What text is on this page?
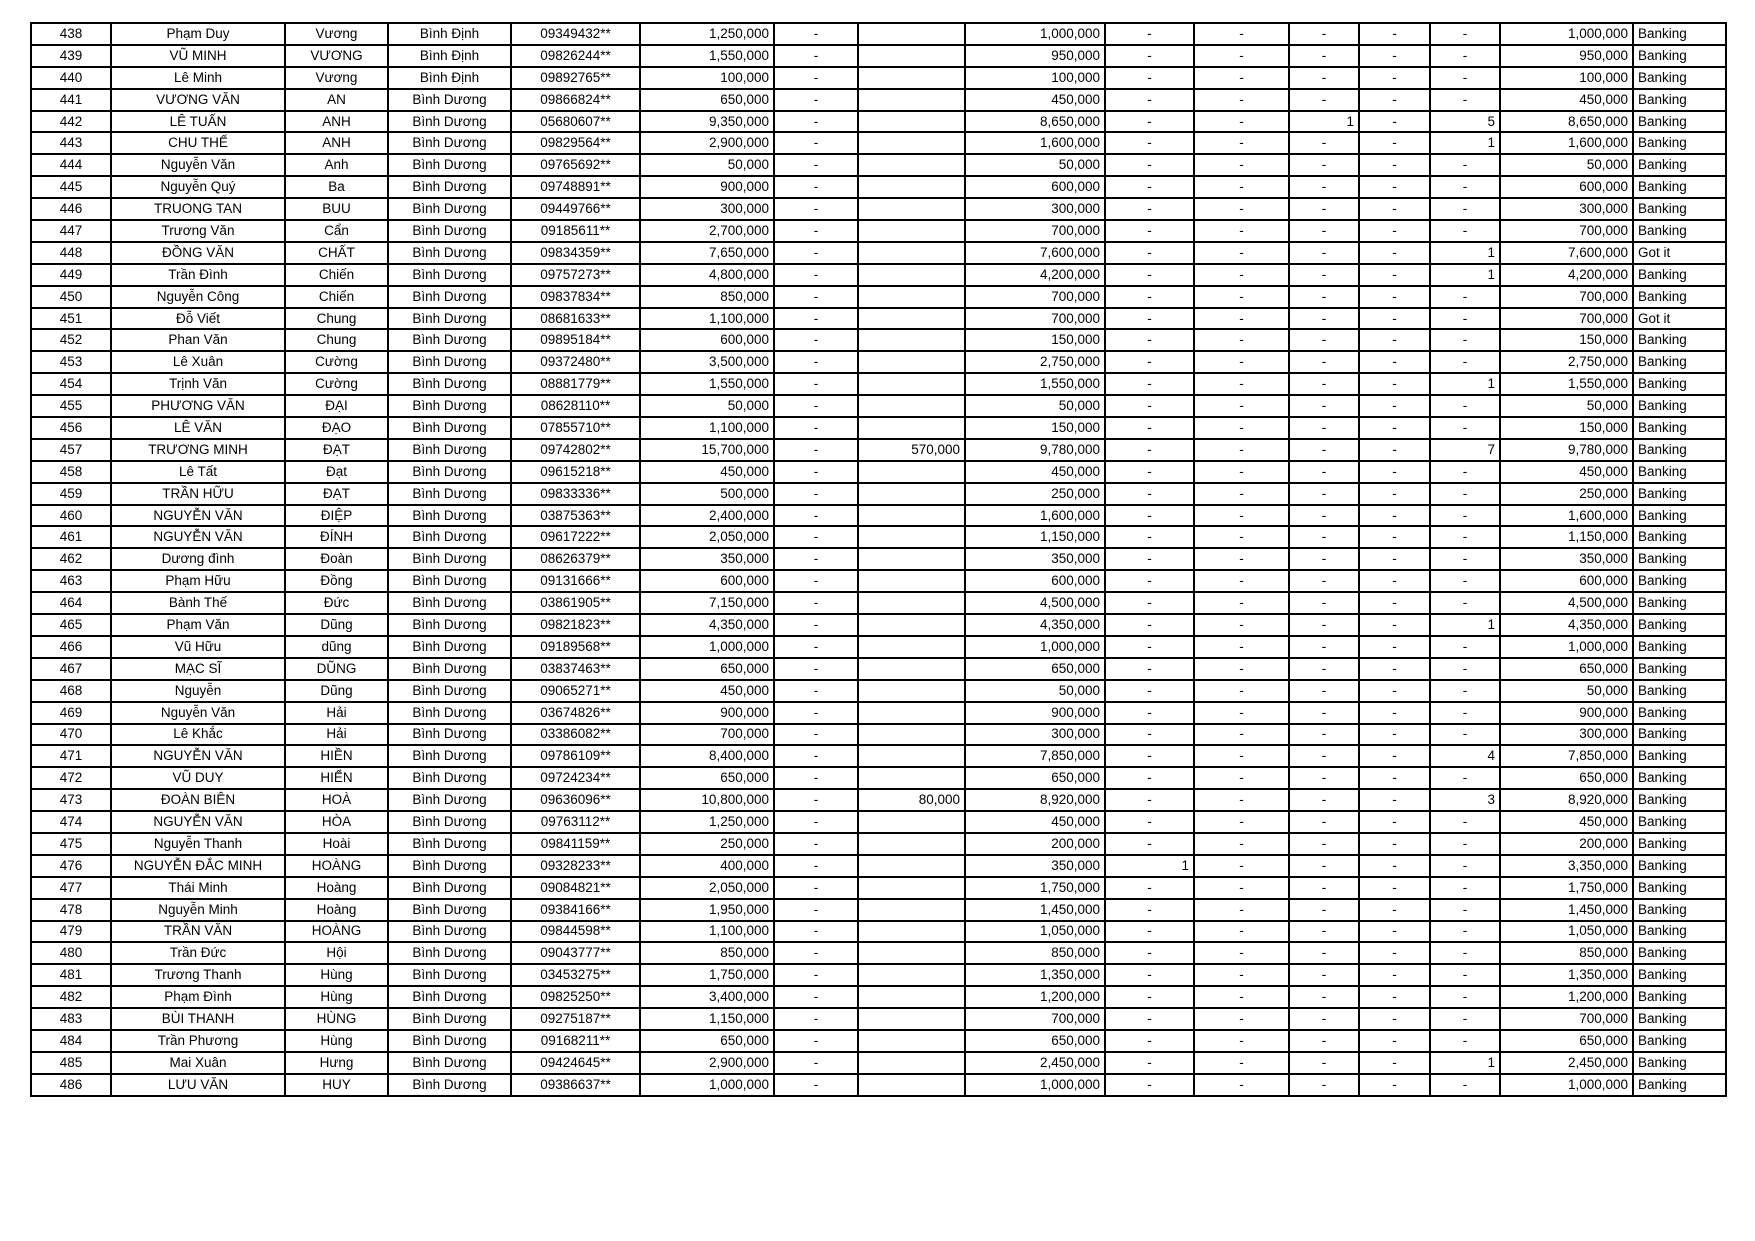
438	Phạm Duy	Vương	Bình Định	09349432**	1,250,000	-		1,000,000	-	-	-	-	-	1,000,000	Banking
439	VŨ MINH	VƯƠNG	Bình Định	09826244**	1,550,000	-		950,000	-	-	-	-	-	950,000	Banking
440	Lê Minh	Vương	Bình Định	09892765**	100,000	-		100,000	-	-	-	-	-	100,000	Banking
441	VƯƠNG VĂN	AN	Bình Dương	09866824**	650,000	-		450,000	-	-	-	-	-	450,000	Banking
442	LÊ TUẤN	ANH	Bình Dương	05680607**	9,350,000	-		8,650,000	-	-	1	-	5	8,650,000	Banking
443	CHU THẾ	ANH	Bình Dương	09829564**	2,900,000	-		1,600,000	-	-	-	-	1	1,600,000	Banking
444	Nguyễn Văn	Anh	Bình Dương	09765692**	50,000	-		50,000	-	-	-	-	-	50,000	Banking
445	Nguyễn Quý	Ba	Bình Dương	09748891**	900,000	-		600,000	-	-	-	-	-	600,000	Banking
446	TRUONG TAN	BUU	Bình Dương	09449766**	300,000	-		300,000	-	-	-	-	-	300,000	Banking
447	Trương Văn	Cẩn	Bình Dương	09185611**	2,700,000	-		700,000	-	-	-	-	-	700,000	Banking
448	ĐỒNG VĂN	CHẤT	Bình Dương	09834359**	7,650,000	-		7,600,000	-	-	-	-	1	7,600,000	Got it
449	Trần Đình	Chiến	Bình Dương	09757273**	4,800,000	-		4,200,000	-	-	-	-	1	4,200,000	Banking
450	Nguyễn Công	Chiến	Bình Dương	09837834**	850,000	-		700,000	-	-	-	-	-	700,000	Banking
451	Đỗ Viết	Chung	Bình Dương	08681633**	1,100,000	-		700,000	-	-	-	-	-	700,000	Got it
452	Phan Văn	Chung	Bình Dương	09895184**	600,000	-		150,000	-	-	-	-	-	150,000	Banking
453	Lê Xuân	Cường	Bình Dương	09372480**	3,500,000	-		2,750,000	-	-	-	-	-	2,750,000	Banking
454	Trịnh Văn	Cường	Bình Dương	08881779**	1,550,000	-		1,550,000	-	-	-	-	1	1,550,000	Banking
455	PHƯƠNG VĂN	ĐẠI	Bình Dương	08628110**	50,000	-		50,000	-	-	-	-	-	50,000	Banking
456	LÊ VĂN	ĐẠO	Bình Dương	07855710**	1,100,000	-		150,000	-	-	-	-	-	150,000	Banking
457	TRƯƠNG MINH	ĐẠT	Bình Dương	09742802**	15,700,000	-	570,000	9,780,000	-	-	-	-	7	9,780,000	Banking
458	Lê Tất	Đạt	Bình Dương	09615218**	450,000	-		450,000	-	-	-	-	-	450,000	Banking
459	TRẦN HỮU	ĐẠT	Bình Dương	09833336**	500,000	-		250,000	-	-	-	-	-	250,000	Banking
460	NGUYỄN VĂN	ĐIỆP	Bình Dương	03875363**	2,400,000	-		1,600,000	-	-	-	-	-	1,600,000	Banking
461	NGUYỄN VĂN	ĐÍNH	Bình Dương	09617222**	2,050,000	-		1,150,000	-	-	-	-	-	1,150,000	Banking
462	Dương đình	Đoàn	Bình Dương	08626379**	350,000	-		350,000	-	-	-	-	-	350,000	Banking
463	Phạm Hữu	Đồng	Bình Dương	09131666**	600,000	-		600,000	-	-	-	-	-	600,000	Banking
464	Bành Thế	Đức	Bình Dương	03861905**	7,150,000	-		4,500,000	-	-	-	-	-	4,500,000	Banking
465	Phạm Văn	Dũng	Bình Dương	09821823**	4,350,000	-		4,350,000	-	-	-	-	1	4,350,000	Banking
466	Vũ Hữu	dũng	Bình Dương	09189568**	1,000,000	-		1,000,000	-	-	-	-	-	1,000,000	Banking
467	MẠC SĨ	DŨNG	Bình Dương	03837463**	650,000	-		650,000	-	-	-	-	-	650,000	Banking
468	Nguyễn	Dũng	Bình Dương	09065271**	450,000	-		50,000	-	-	-	-	-	50,000	Banking
469	Nguyễn Văn	Hải	Bình Dương	03674826**	900,000	-		900,000	-	-	-	-	-	900,000	Banking
470	Lê Khắc	Hải	Bình Dương	03386082**	700,000	-		300,000	-	-	-	-	-	300,000	Banking
471	NGUYỄN VĂN	HIỀN	Bình Dương	09786109**	8,400,000	-		7,850,000	-	-	-	-	4	7,850,000	Banking
472	VŨ DUY	HIỂN	Bình Dương	09724234**	650,000	-		650,000	-	-	-	-	-	650,000	Banking
473	ĐOÀN BIÊN	HOÀ	Bình Dương	09636096**	10,800,000	-	80,000	8,920,000	-	-	-	-	3	8,920,000	Banking
474	NGUYỄN VĂN	HÒA	Bình Dương	09763112**	1,250,000	-		450,000	-	-	-	-	-	450,000	Banking
475	Nguyễn Thanh	Hoài	Bình Dương	09841159**	250,000	-		200,000	-	-	-	-	-	200,000	Banking
476	NGUYỄN ĐẮC MINH	HOÀNG	Bình Dương	09328233**	400,000	-		350,000	1	-	-	-	-	3,350,000	Banking
477	Thái Minh	Hoàng	Bình Dương	09084821**	2,050,000	-		1,750,000	-	-	-	-	-	1,750,000	Banking
478	Nguyễn Minh	Hoàng	Bình Dương	09384166**	1,950,000	-		1,450,000	-	-	-	-	-	1,450,000	Banking
479	TRẦN VĂN	HOÀNG	Bình Dương	09844598**	1,100,000	-		1,050,000	-	-	-	-	-	1,050,000	Banking
480	Trần Đức	Hội	Bình Dương	09043777**	850,000	-		850,000	-	-	-	-	-	850,000	Banking
481	Trương Thanh	Hùng	Bình Dương	03453275**	1,750,000	-		1,350,000	-	-	-	-	-	1,350,000	Banking
482	Phạm Đình	Hùng	Bình Dương	09825250**	3,400,000	-		1,200,000	-	-	-	-	-	1,200,000	Banking
483	BÙI THANH	HÙNG	Bình Dương	09275187**	1,150,000	-		700,000	-	-	-	-	-	700,000	Banking
484	Trần Phương	Hùng	Bình Dương	09168211**	650,000	-		650,000	-	-	-	-	-	650,000	Banking
485	Mai Xuân	Hưng	Bình Dương	09424645**	2,900,000	-		2,450,000	-	-	-	-	1	2,450,000	Banking
486	LƯU VĂN	HUY	Bình Dương	09386637**	1,000,000	-		1,000,000	-	-	-	-	-	1,000,000	Banking
